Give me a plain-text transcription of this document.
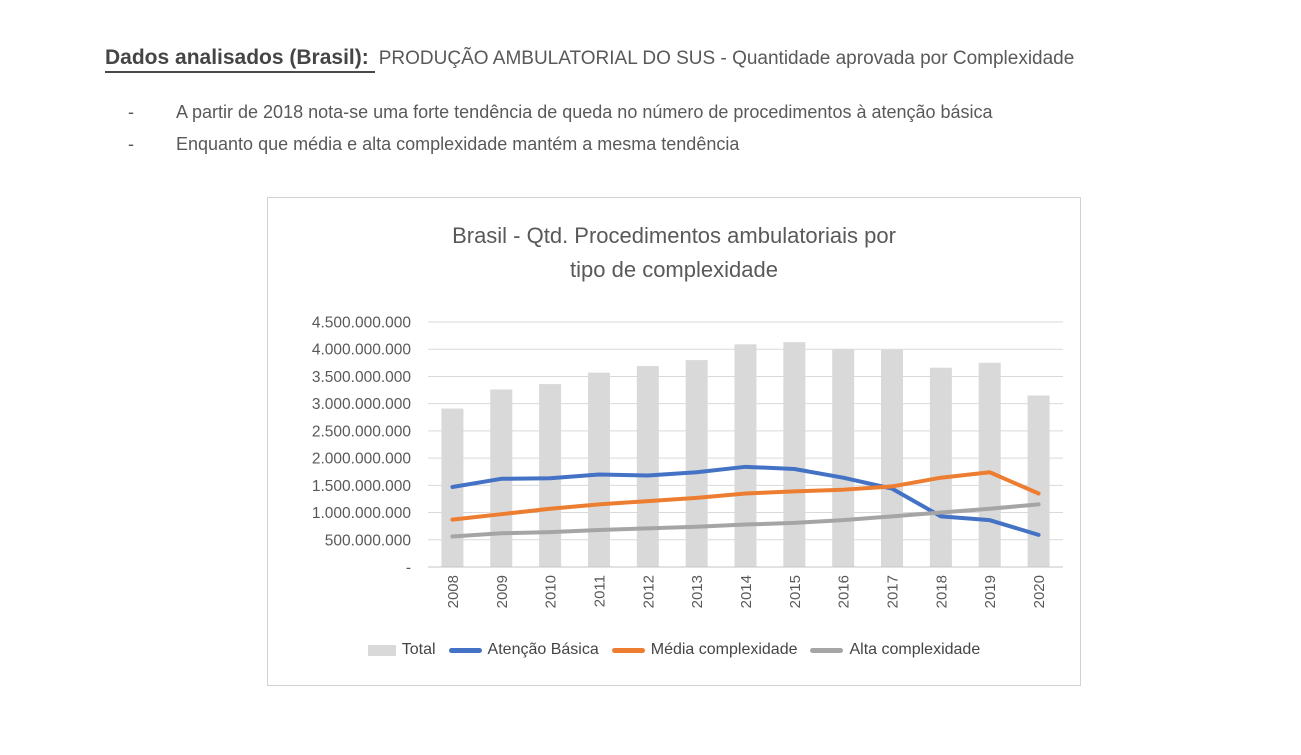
Dados analisados (Brasil): PRODUÇÃO AMBULATORIAL DO SUS - Quantidade aprovada por Complexidade
-	A partir de 2018 nota-se uma forte tendência de queda no número de procedimentos à atenção básica
-	Enquanto que média e alta complexidade mantém a mesma tendência
Brasil - Qtd. Procedimentos ambulatoriais por
tipo de complexidade
-
500.000.000
1.000.000.000
1.500.000.000
2.000.000.000
2.500.000.000
3.000.000.000
3.500.000.000
4.000.000.000
4.500.000.000
2008 2009 2010 2011 2012 2013 2014 2015 2016 2017 2018 2019 2020
Total	Atenção Básica	Média complexidade	Alta complexidade
